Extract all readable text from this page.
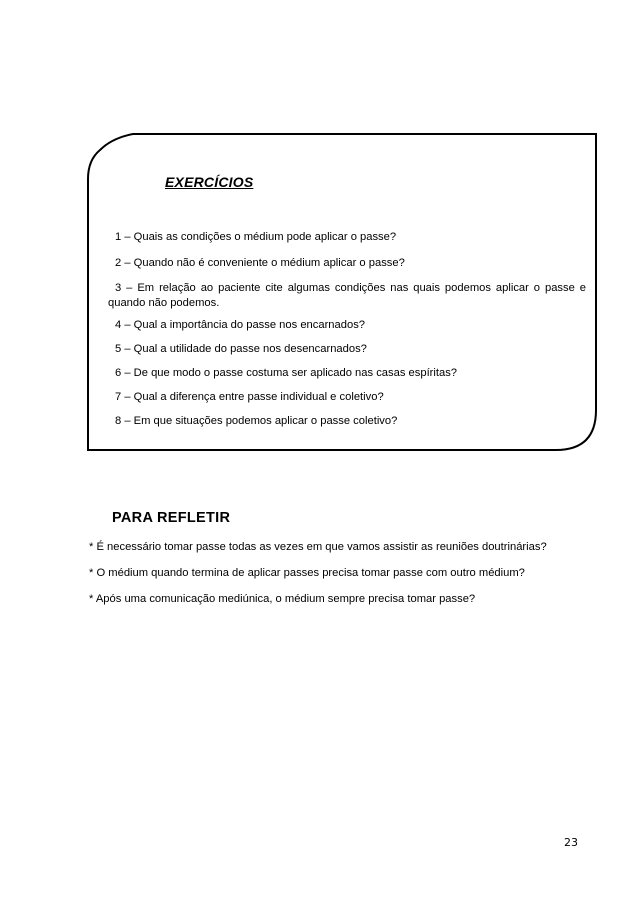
EXERCÍCIOS
1 – Quais as condições o médium pode aplicar o passe?
2 – Quando não é conveniente o médium aplicar o passe?
3 – Em relação ao paciente cite algumas condições nas quais podemos aplicar o passe e quando não podemos.
4 – Qual a importância do passe nos encarnados?
5 – Qual a utilidade do passe nos desencarnados?
6 – De que modo o passe costuma ser aplicado nas casas espíritas?
7 – Qual a diferença entre passe individual e coletivo?
8 – Em que situações podemos aplicar o passe coletivo?
PARA REFLETIR
* É necessário tomar passe todas as vezes em que vamos assistir as reuniões doutrinárias?
* O médium quando termina de aplicar passes precisa tomar passe com outro médium?
* Após uma comunicação mediúnica, o médium sempre precisa tomar passe?
23
